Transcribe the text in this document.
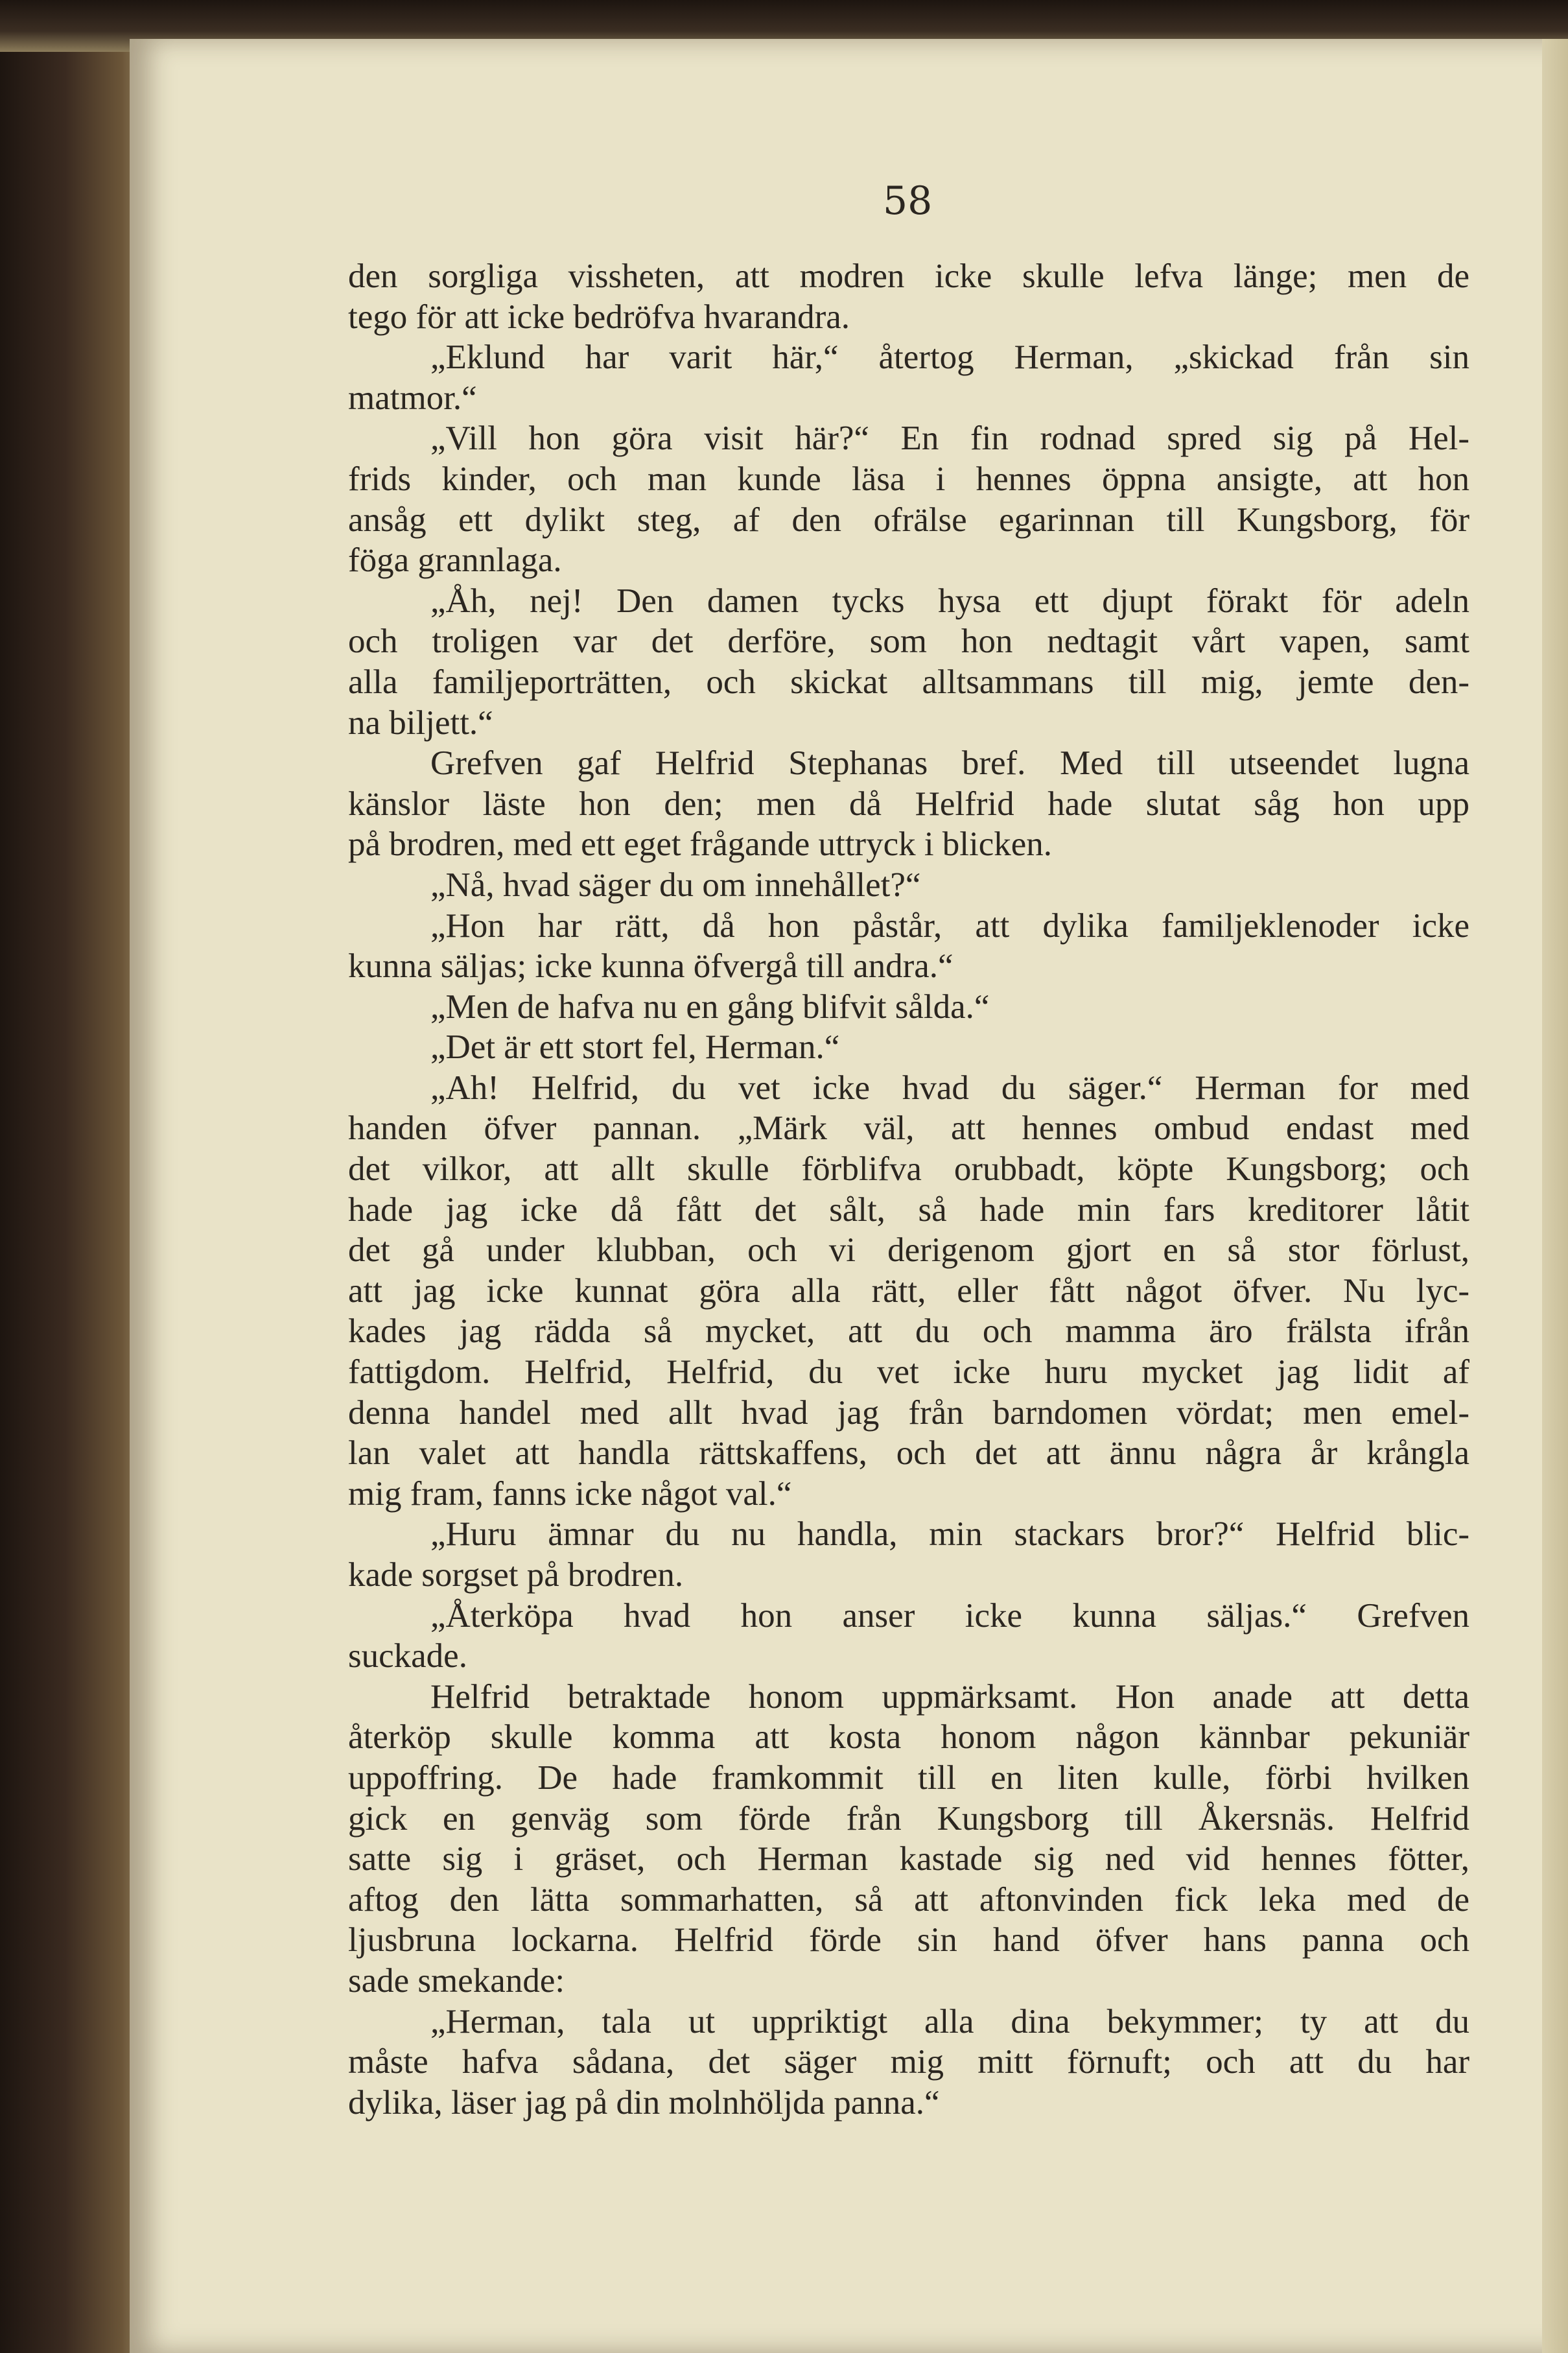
58
den sorgliga vissheten, att modren icke skulle lefva länge; men de
tego för att icke bedröfva hvarandra.
„Eklund har varit här,“ återtog Herman, „skickad från sin
matmor.“
„Vill hon göra visit här?“ En fin rodnad spred sig på Hel-
frids kinder, och man kunde läsa i hennes öppna ansigte, att hon
ansåg ett dylikt steg, af den ofrälse egarinnan till Kungsborg, för
föga grannlaga.
„Åh, nej! Den damen tycks hysa ett djupt förakt för adeln
och troligen var det derföre, som hon nedtagit vårt vapen, samt
alla familjeporträtten, och skickat alltsammans till mig, jemte den-
na biljett.“
Grefven gaf Helfrid Stephanas bref. Med till utseendet lugna
känslor läste hon den; men då Helfrid hade slutat såg hon upp
på brodren, med ett eget frågande uttryck i blicken.
„Nå, hvad säger du om innehållet?“
„Hon har rätt, då hon påstår, att dylika familjeklenoder icke
kunna säljas; icke kunna öfvergå till andra.“
„Men de hafva nu en gång blifvit sålda.“
„Det är ett stort fel, Herman.“
„Ah! Helfrid, du vet icke hvad du säger.“ Herman for med
handen öfver pannan. „Märk väl, att hennes ombud endast med
det vilkor, att allt skulle förblifva orubbadt, köpte Kungsborg; och
hade jag icke då fått det sålt, så hade min fars kreditorer låtit
det gå under klubban, och vi derigenom gjort en så stor förlust,
att jag icke kunnat göra alla rätt, eller fått något öfver. Nu lyc-
kades jag rädda så mycket, att du och mamma äro frälsta ifrån
fattigdom. Helfrid, Helfrid, du vet icke huru mycket jag lidit af
denna handel med allt hvad jag från barndomen vördat; men emel-
lan valet att handla rättskaffens, och det att ännu några år krångla
mig fram, fanns icke något val.“
„Huru ämnar du nu handla, min stackars bror?“ Helfrid blic-
kade sorgset på brodren.
„Återköpa hvad hon anser icke kunna säljas.“ Grefven
suckade.
Helfrid betraktade honom uppmärksamt. Hon anade att detta
återköp skulle komma att kosta honom någon kännbar pekuniär
uppoffring. De hade framkommit till en liten kulle, förbi hvilken
gick en genväg som förde från Kungsborg till Åkersnäs. Helfrid
satte sig i gräset, och Herman kastade sig ned vid hennes fötter,
aftog den lätta sommarhatten, så att aftonvinden fick leka med de
ljusbruna lockarna. Helfrid förde sin hand öfver hans panna och
sade smekande:
„Herman, tala ut uppriktigt alla dina bekymmer; ty att du
måste hafva sådana, det säger mig mitt förnuft; och att du har
dylika, läser jag på din molnhöljda panna.“
